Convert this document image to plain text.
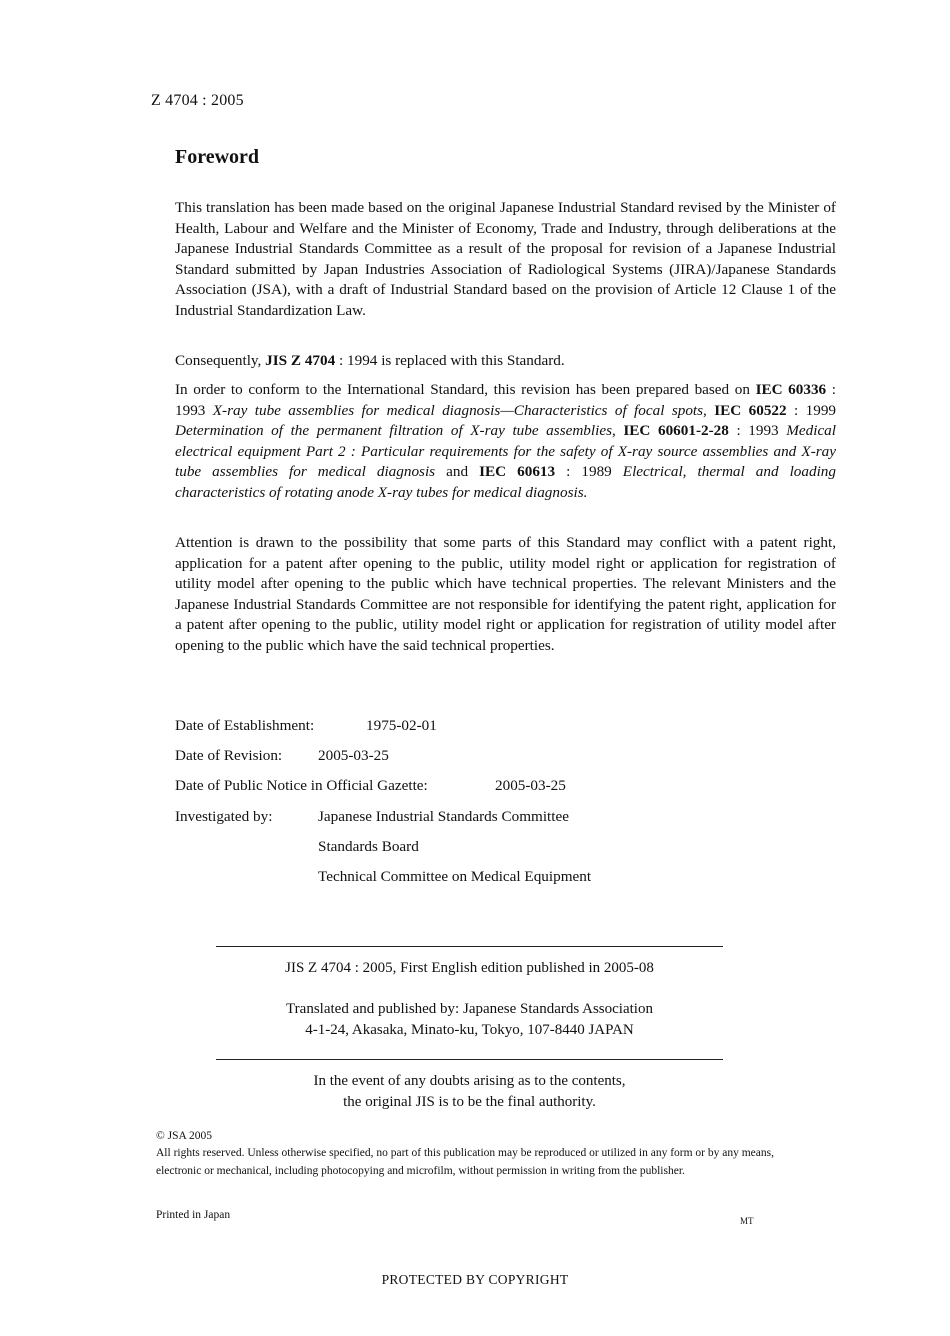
Z 4704 : 2005
Foreword
This translation has been made based on the original Japanese Industrial Standard revised by the Minister of Health, Labour and Welfare and the Minister of Economy, Trade and Industry, through deliberations at the Japanese Industrial Standards Committee as a result of the proposal for revision of a Japanese Industrial Standard submitted by Japan Industries Association of Radiological Systems (JIRA)/Japanese Standards Association (JSA), with a draft of Industrial Standard based on the provision of Article 12 Clause 1 of the Industrial Standardization Law.
Consequently, JIS Z 4704 : 1994 is replaced with this Standard.
In order to conform to the International Standard, this revision has been prepared based on IEC 60336 : 1993 X-ray tube assemblies for medical diagnosis—Characteristics of focal spots, IEC 60522 : 1999 Determination of the permanent filtration of X-ray tube assemblies, IEC 60601-2-28 : 1993 Medical electrical equipment Part 2 : Particular requirements for the safety of X-ray source assemblies and X-ray tube assemblies for medical diagnosis and IEC 60613 : 1989 Electrical, thermal and loading characteristics of rotating anode X-ray tubes for medical diagnosis.
Attention is drawn to the possibility that some parts of this Standard may conflict with a patent right, application for a patent after opening to the public, utility model right or application for registration of utility model after opening to the public which have technical properties. The relevant Ministers and the Japanese Industrial Standards Committee are not responsible for identifying the patent right, application for a patent after opening to the public, utility model right or application for registration of utility model after opening to the public which have the said technical properties.
Date of Establishment:	1975-02-01
Date of Revision: 2005-03-25
Date of Public Notice in Official Gazette:	2005-03-25
Investigated by:	Japanese Industrial Standards Committee
Standards Board
Technical Committee on Medical Equipment
JIS Z 4704 : 2005, First English edition published in 2005-08
Translated and published by: Japanese Standards Association
4-1-24, Akasaka, Minato-ku, Tokyo, 107-8440 JAPAN
In the event of any doubts arising as to the contents,
the original JIS is to be the final authority.
© JSA 2005
All rights reserved. Unless otherwise specified, no part of this publication may be reproduced or utilized in any form or by any means, electronic or mechanical, including photocopying and microfilm, without permission in writing from the publisher.
Printed in Japan	MT
PROTECTED BY COPYRIGHT
